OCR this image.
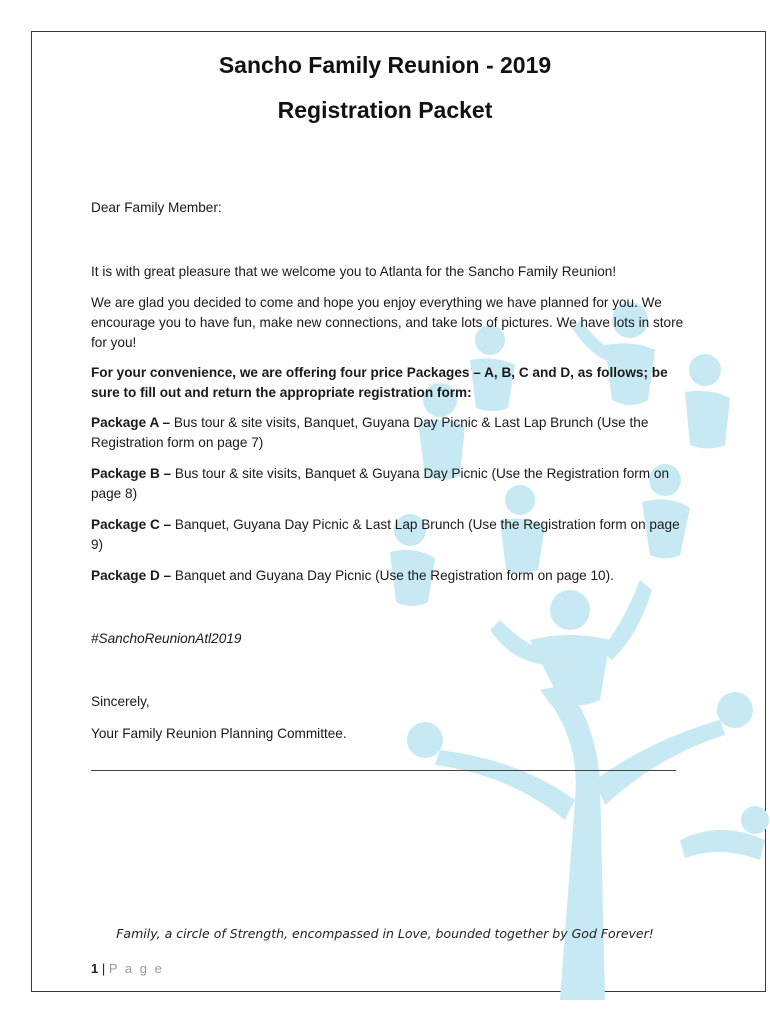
Sancho Family Reunion - 2019
Registration Packet
Dear Family Member:
It is with great pleasure that we welcome you to Atlanta for the Sancho Family Reunion!
We are glad you decided to come and hope you enjoy everything we have planned for you. We encourage you to have fun, make new connections, and take lots of pictures. We have lots in store for you!
For your convenience, we are offering four price Packages – A, B, C and D, as follows; be sure to fill out and return the appropriate registration form:
Package A – Bus tour & site visits, Banquet, Guyana Day Picnic & Last Lap Brunch (Use the Registration form on page 7)
Package B – Bus tour & site visits, Banquet & Guyana Day Picnic (Use the Registration form on page 8)
Package C – Banquet, Guyana Day Picnic & Last Lap Brunch (Use the Registration form on page 9)
Package D – Banquet and Guyana Day Picnic (Use the Registration form on page 10).
#SanchoReunionAtl2019
Sincerely,
Your Family Reunion Planning Committee.
Family, a circle of Strength, encompassed in Love, bounded together by God Forever!
1 | P a g e
